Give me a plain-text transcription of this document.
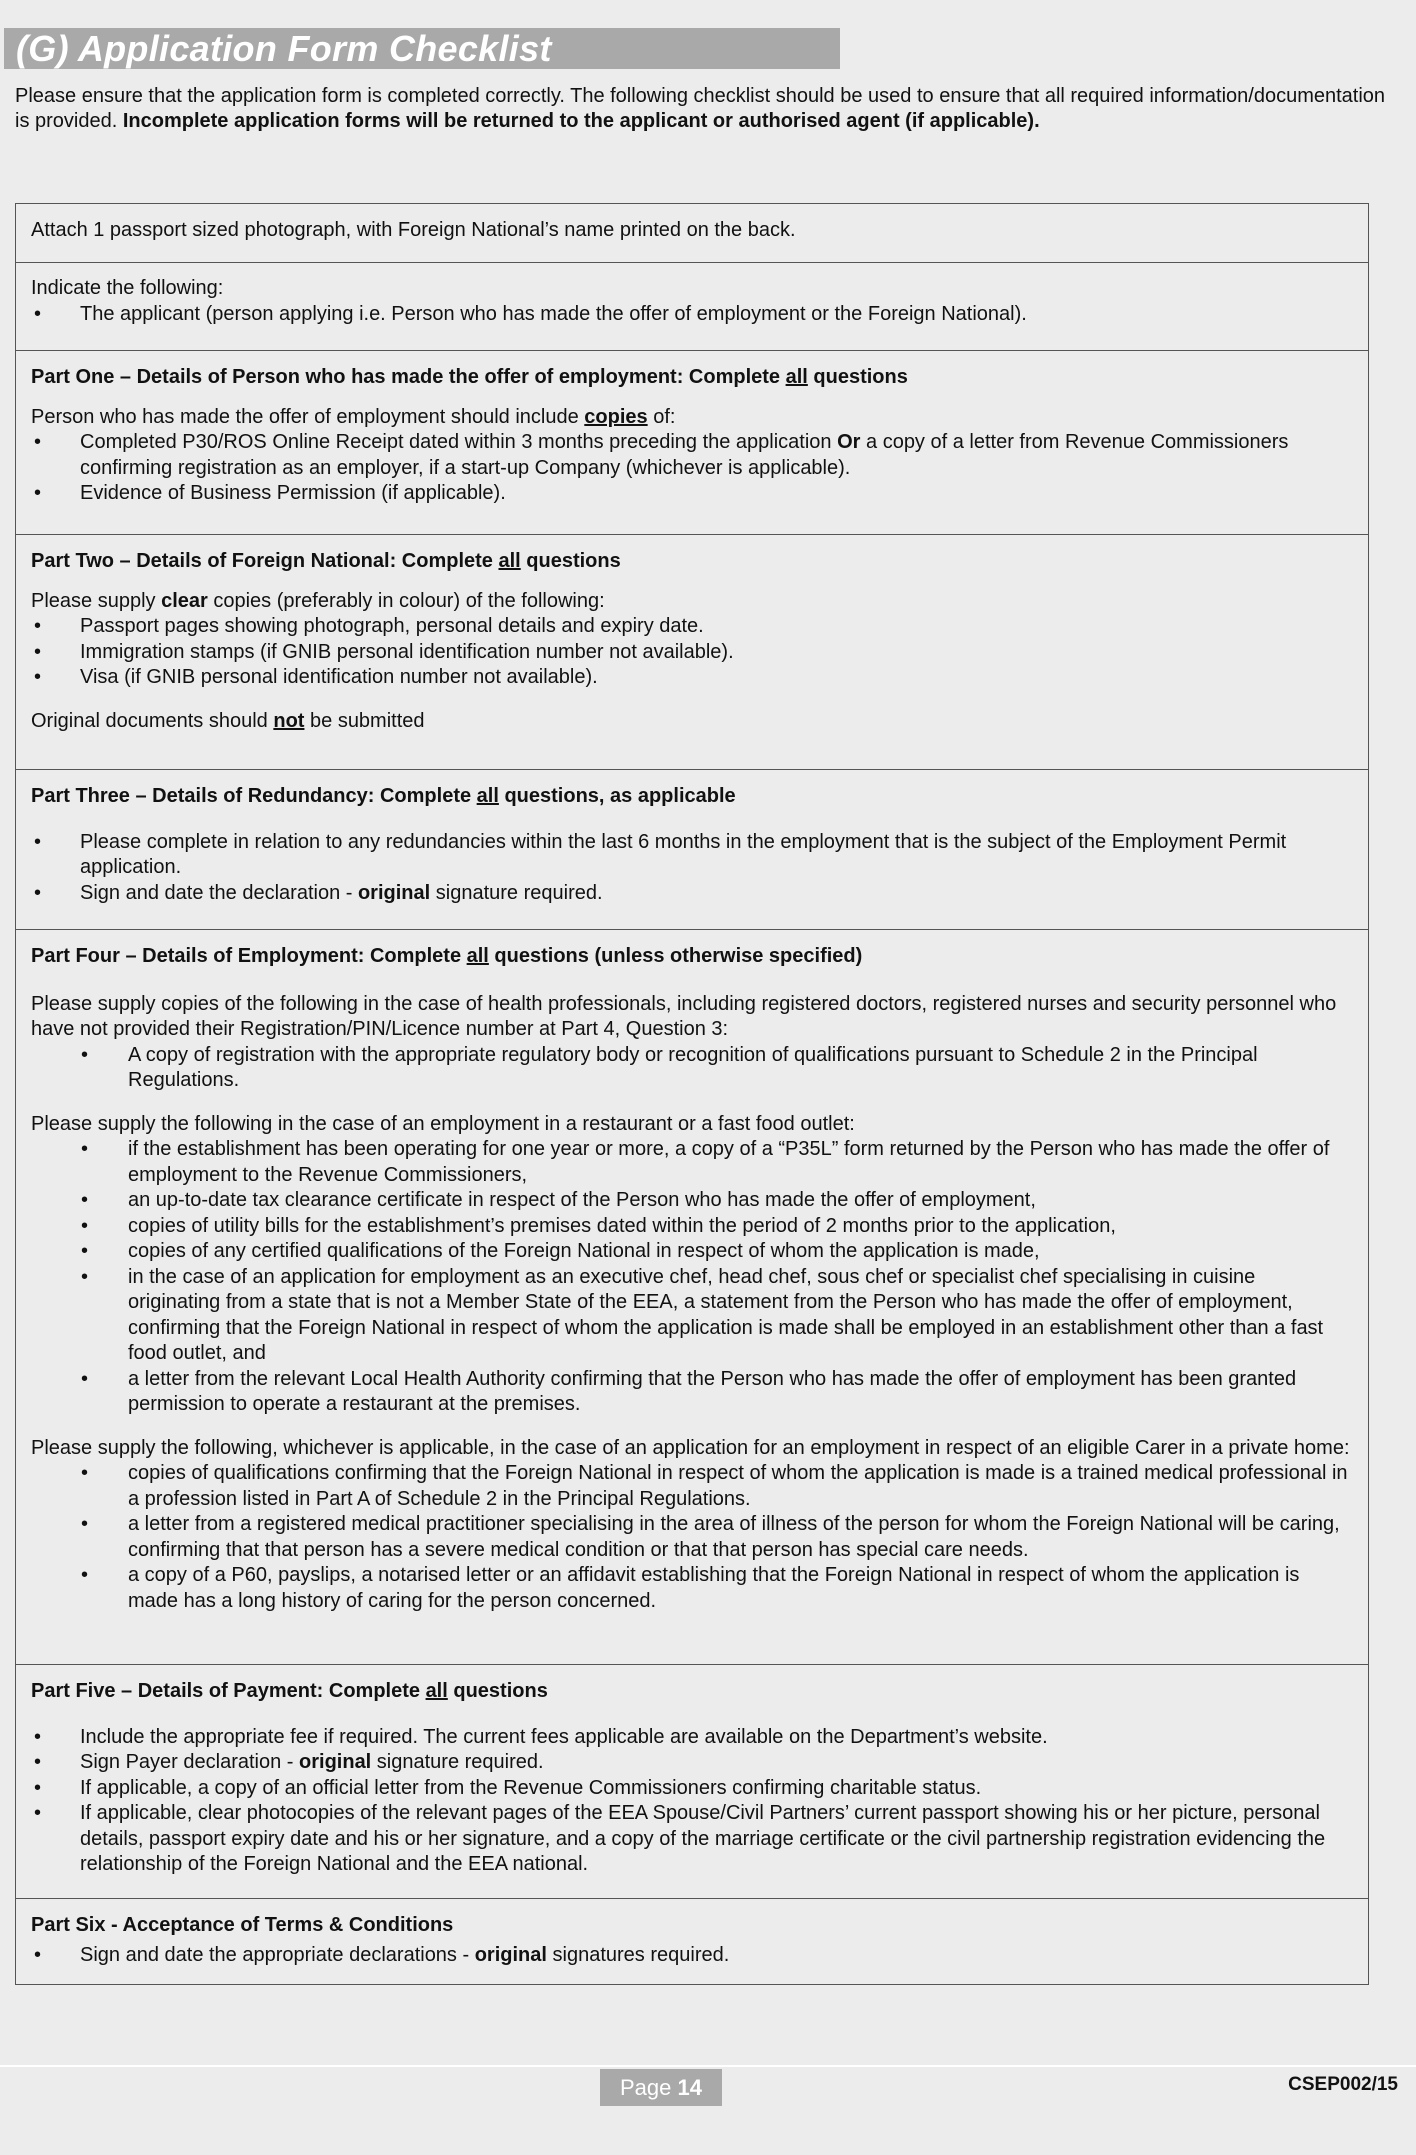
(G) Application Form Checklist
Please ensure that the application form is completed correctly. The following checklist should be used to ensure that all required information/documentation is provided. Incomplete application forms will be returned to the applicant or authorised agent (if applicable).

Attach 1 passport sized photograph, with Foreign National’s name printed on the back.

Indicate the following:

• The applicant (person applying i.e. Person who has made the offer of employment or the Foreign National).

Part One – Details of Person who has made the offer of employment: Complete all questions

Person who has made the offer of employment should include copies of:

• Completed P30/ROS Online Receipt dated within 3 months preceding the application Or a copy of a letter from Revenue Commissioners confirming registration as an employer, if a start-up Company (whichever is applicable).
• Evidence of Business Permission (if applicable).

Part Two – Details of Foreign National: Complete all questions

Please supply clear copies (preferably in colour) of the following:

• Passport pages showing photograph, personal details and expiry date.
• Immigration stamps (if GNIB personal identification number not available).
• Visa (if GNIB personal identification number not available).

Original documents should not be submitted

Part Three – Details of Redundancy: Complete all questions, as applicable

• Please complete in relation to any redundancies within the last 6 months in the employment that is the subject of the Employment Permit application.
• Sign and date the declaration - original signature required.

Part Four – Details of Employment: Complete all questions (unless otherwise specified)

Please supply copies of the following in the case of health professionals, including registered doctors, registered nurses and security personnel who have not provided their Registration/PIN/Licence number at Part 4, Question 3:

• A copy of registration with the appropriate regulatory body or recognition of qualifications pursuant to Schedule 2 in the Principal Regulations.

Please supply the following in the case of an employment in a restaurant or a fast food outlet:

• if the establishment has been operating for one year or more, a copy of a “P35L” form returned by the Person who has made the offer of employment to the Revenue Commissioners,
• an up-to-date tax clearance certificate in respect of the Person who has made the offer of employment,
• copies of utility bills for the establishment’s premises dated within the period of 2 months prior to the application,
• copies of any certified qualifications of the Foreign National in respect of whom the application is made,
• in the case of an application for employment as an executive chef, head chef, sous chef or specialist chef specialising in cuisine originating from a state that is not a Member State of the EEA, a statement from the Person who has made the offer of employment, confirming that the Foreign National in respect of whom the application is made shall be employed in an establishment other than a fast food outlet, and
• a letter from the relevant Local Health Authority confirming that the Person who has made the offer of employment has been granted permission to operate a restaurant at the premises.

Please supply the following, whichever is applicable, in the case of an application for an employment in respect of an eligible Carer in a private home:

• copies of qualifications confirming that the Foreign National in respect of whom the application is made is a trained medical professional in a profession listed in Part A of Schedule 2 in the Principal Regulations.
• a letter from a registered medical practitioner specialising in the area of illness of the person for whom the Foreign National will be caring, confirming that that person has a severe medical condition or that that person has special care needs.
• a copy of a P60, payslips, a notarised letter or an affidavit establishing that the Foreign National in respect of whom the application is made has a long history of caring for the person concerned.

Part Five – Details of Payment: Complete all questions

• Include the appropriate fee if required. The current fees applicable are available on the Department’s website.
• Sign Payer declaration - original signature required.
• If applicable, a copy of an official letter from the Revenue Commissioners confirming charitable status.
• If applicable, clear photocopies of the relevant pages of the EEA Spouse/Civil Partners’ current passport showing his or her picture, personal details, passport expiry date and his or her signature, and a copy of the marriage certificate or the civil partnership registration evidencing the relationship of the Foreign National and the EEA national.

Part Six - Acceptance of Terms & Conditions

• Sign and date the appropriate declarations - original signatures required.
Page 14	CSEP002/15
